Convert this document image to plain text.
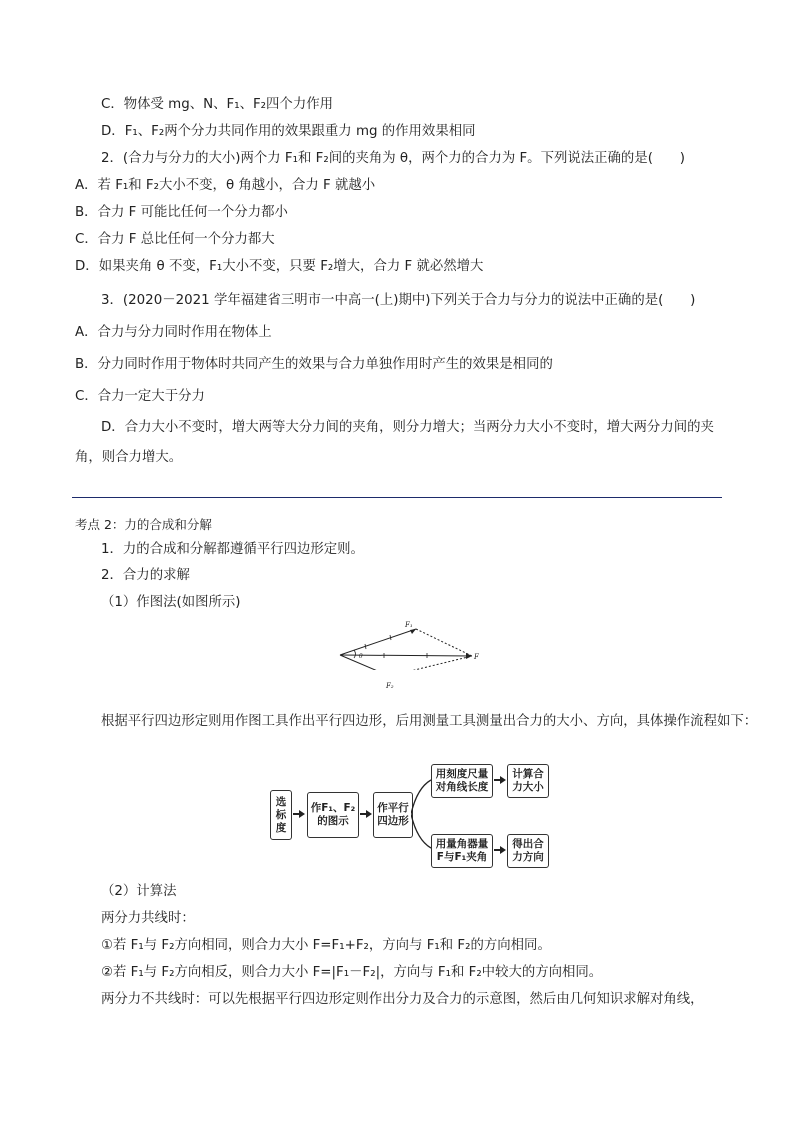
C．物体受 mg、N、F₁、F₂四个力作用
D．F₁、F₂两个分力共同作用的效果跟重力 mg 的作用效果相同
2．(合力与分力的大小)两个力 F₁和 F₂间的夹角为 θ，两个力的合力为 F。下列说法正确的是(　　)
A．若 F₁和 F₂大小不变，θ 角越小，合力 F 就越小
B．合力 F 可能比任何一个分力都小
C．合力 F 总比任何一个分力都大
D．如果夹角 θ 不变，F₁大小不变，只要 F₂增大，合力 F 就必然增大
3．(2020－2021 学年福建省三明市一中高一(上)期中)下列关于合力与分力的说法中正确的是(　　)
A．合力与分力同时作用在物体上
B．分力同时作用于物体时共同产生的效果与合力单独作用时产生的效果是相同的
C．合力一定大于分力
D．合力大小不变时，增大两等大分力间的夹角，则分力增大；当两分力大小不变时，增大两分力间的夹角，则合力增大。
考点 2：力的合成和分解
1．力的合成和分解都遵循平行四边形定则。
2．合力的求解
（1）作图法(如图所示)
F₁
θ	F
F₂
根据平行四边形定则用作图工具作出平行四边形，后用测量工具测量出合力的大小、方向，具体操作流程如下：
选
标
度
作F₁、F₂
的图示
作平行
四边形
用刻度尺量
对角线长度
计算合
力大小
用量角器量
F与F₁夹角
得出合
力方向
（2）计算法
两分力共线时：
①若 F₁与 F₂方向相同，则合力大小 F=F₁+F₂，方向与 F₁和 F₂的方向相同。
②若 F₁与 F₂方向相反，则合力大小 F=|F₁－F₂|，方向与 F₁和 F₂中较大的方向相同。
两分力不共线时：可以先根据平行四边形定则作出分力及合力的示意图，然后由几何知识求解对角线，
